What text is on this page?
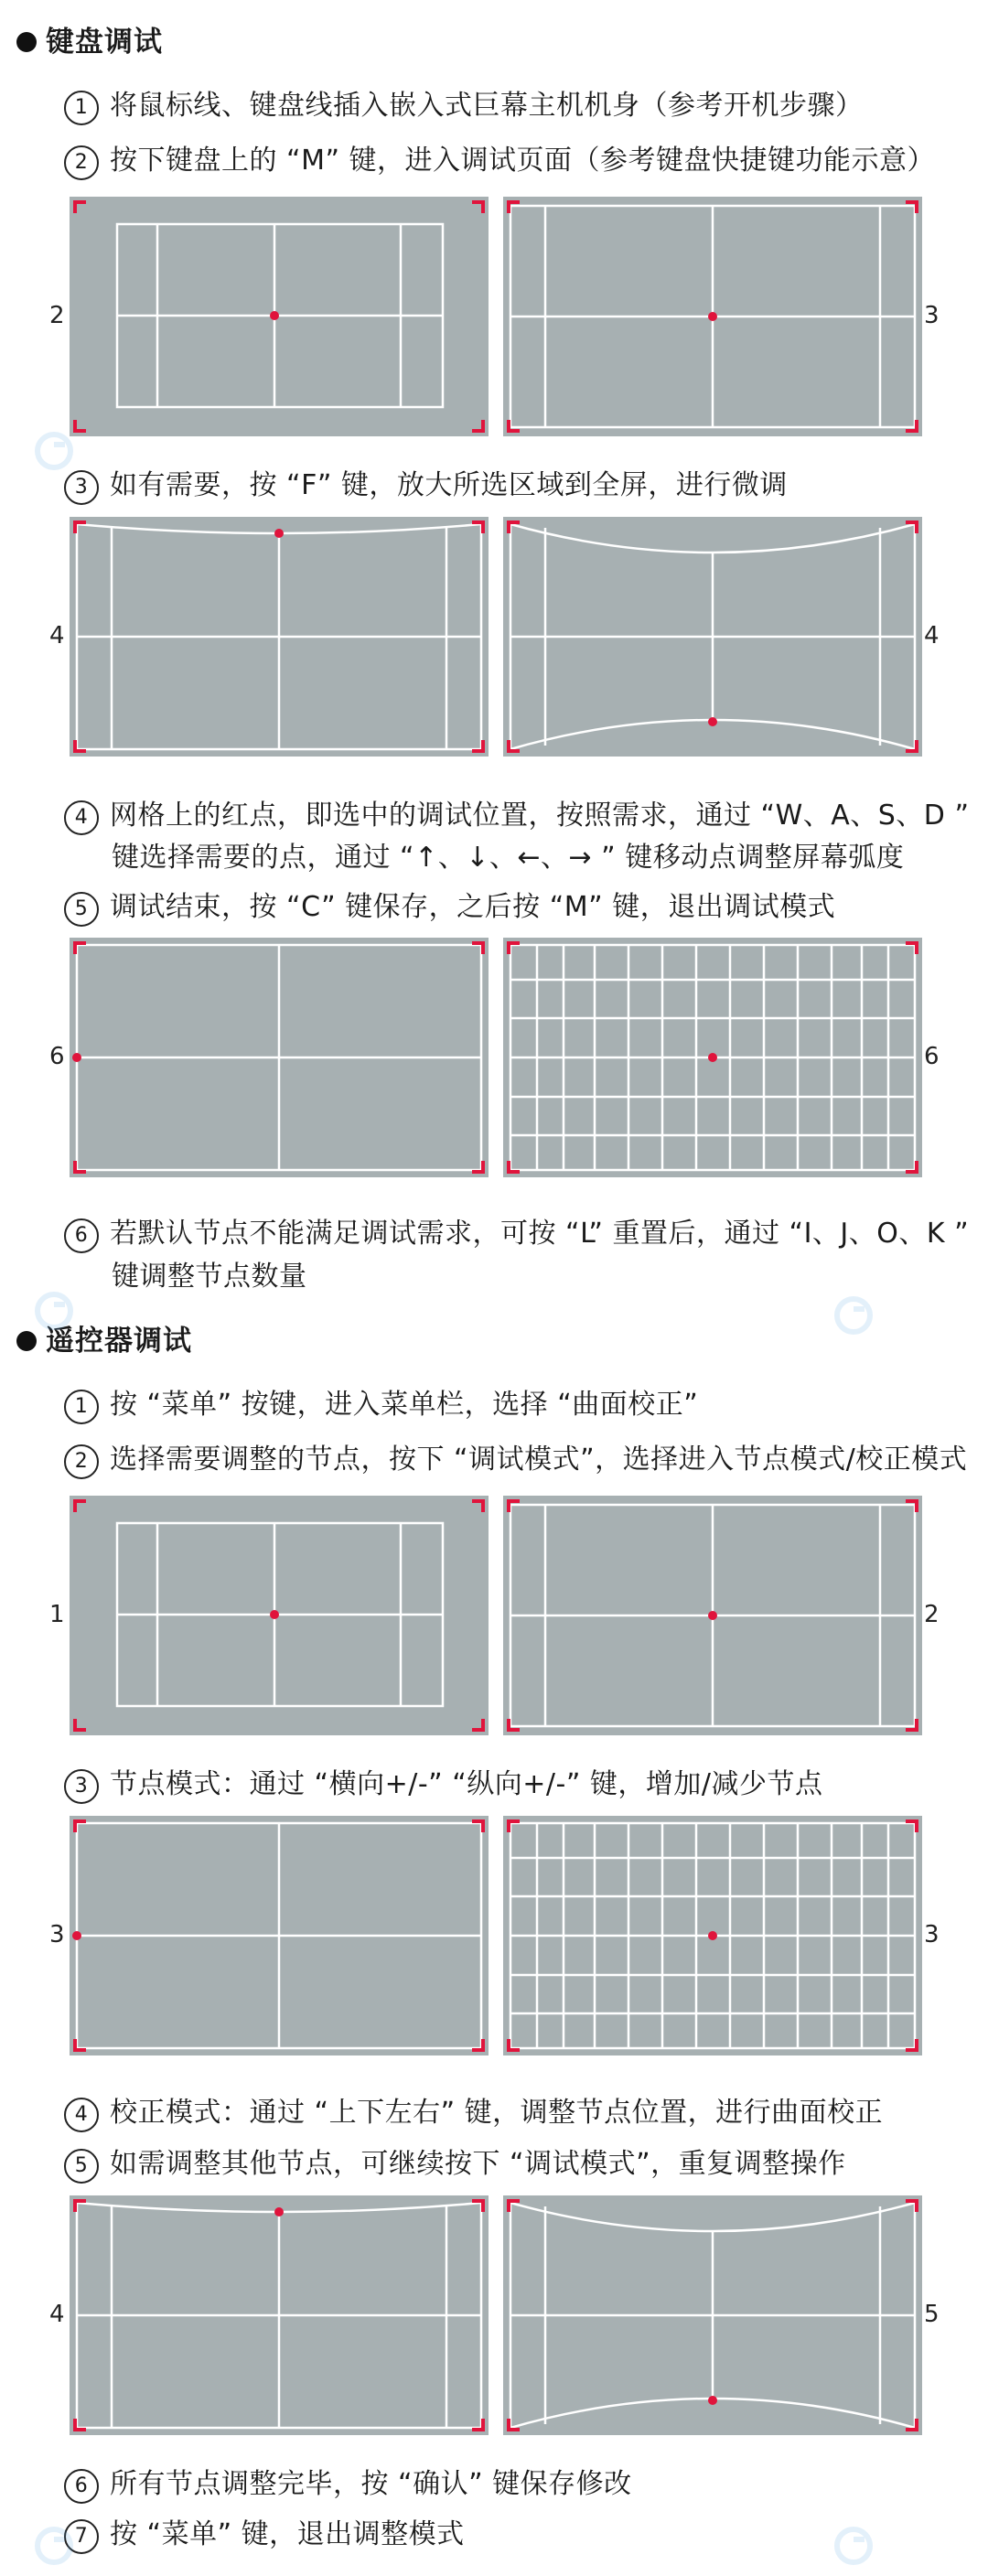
键盘调试
1 将鼠标线、键盘线插入嵌入式巨幕主机机身（参考开机步骤）
2 按下键盘上的 “M” 键，进入调试页面（参考键盘快捷键功能示意）
2	3
3 如有需要，按 “F” 键，放大所选区域到全屏，进行微调
4	4
4 网格上的红点，即选中的调试位置，按照需求，通过 “W、A、S、D ”
键选择需要的点，通过 “↑、↓、←、→ ” 键移动点调整屏幕弧度
5 调试结束，按 “C” 键保存，之后按 “M” 键，退出调试模式
6	6
6 若默认节点不能满足调试需求，可按 “L” 重置后，通过 “I、J、O、K ”
键调整节点数量
遥控器调试
1 按 “菜单” 按键，进入菜单栏，选择 “曲面校正”
2 选择需要调整的节点，按下 “调试模式”，选择进入节点模式/校正模式
1	2
3 节点模式：通过 “横向+/-” “纵向+/-” 键，增加/减少节点
3	3
4 校正模式：通过 “上下左右” 键，调整节点位置，进行曲面校正
5 如需调整其他节点，可继续按下 “调试模式”，重复调整操作
4	5
6 所有节点调整完毕，按 “确认” 键保存修改
7 按 “菜单” 键，退出调整模式
